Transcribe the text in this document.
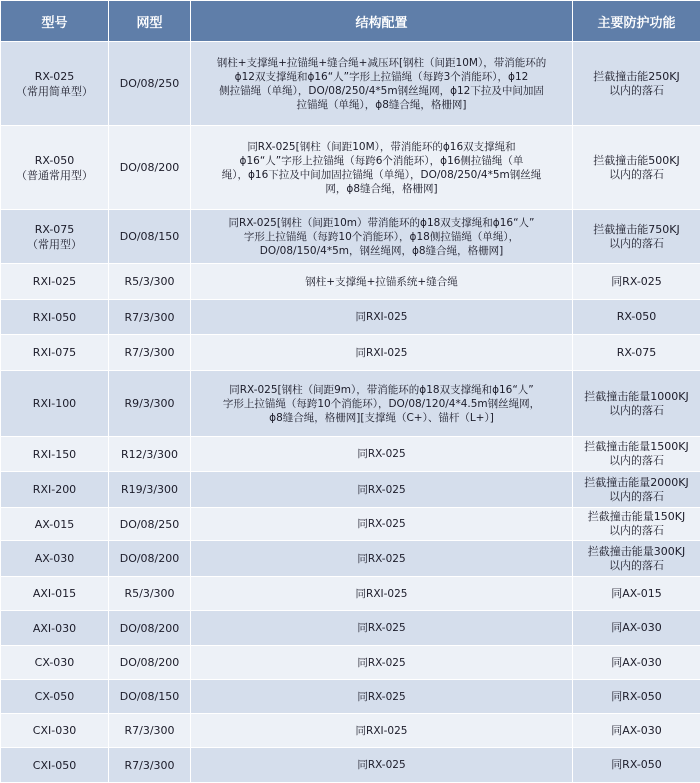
型号	网型	结构配置	主要防护功能

RX-025
（常用简单型）	DO/08/250	钢柱+支撑绳+拉锚绳+缝合绳+减压环[钢柱（间距10M），带消能环的
ɸ12双支撑绳和ɸ16“人”字形上拉锚绳（每跨3个消能环），ɸ12
侧拉锚绳（单绳），DO/08/250/4*5m钢丝绳网，ɸ12下拉及中间加固
拉锚绳（单绳），ɸ8缝合绳，格栅网]	拦截撞击能250KJ
以内的落石

RX-050
（普通常用型）	DO/08/200	同RX-025[钢柱（间距10M），带消能环的ɸ16双支撑绳和
ɸ16“人”字形上拉锚绳（每跨6个消能环），ɸ16侧拉锚绳（单
绳），ɸ16下拉及中间加固拉锚绳（单绳），DO/08/250/4*5m钢丝绳
网，ɸ8缝合绳，格栅网]	拦截撞击能500KJ
以内的落石

RX-075
（常用型）	DO/08/150	同RX-025[钢柱（间距10m）带消能环的ɸ18双支撑绳和ɸ16“人”
字形上拉锚绳（每跨10个消能环），ɸ18侧拉锚绳（单绳），
DO/08/150/4*5m，钢丝绳网，ɸ8缝合绳，格栅网]	拦截撞击能750KJ
以内的落石

RXI-025	R5/3/300	钢柱+支撑绳+拉锚系统+缝合绳	同RX-025

RXI-050	R7/3/300	同RXI-025	RX-050

RXI-075	R7/3/300	同RXI-025	RX-075

RXI-100	R9/3/300	同RX-025[钢柱（间距9m），带消能环的ɸ18双支撑绳和ɸ16“人”
字形上拉锚绳（每跨10个消能环），DO/08/120/4*4.5m钢丝绳网，
ɸ8缝合绳，格栅网][支撑绳（C+）、锚杆（L+）]	拦截撞击能量1000KJ
以内的落石

RXI-150	R12/3/300	同RX-025	拦截撞击能量1500KJ
以内的落石

RXI-200	R19/3/300	同RX-025	拦截撞击能量2000KJ
以内的落石

AX-015	DO/08/250	同RX-025	拦截撞击能量150KJ
以内的落石

AX-030	DO/08/200	同RX-025	拦截撞击能量300KJ
以内的落石

AXI-015	R5/3/300	同RXI-025	同AX-015

AXI-030	DO/08/200	同RX-025	同AX-030

CX-030	DO/08/200	同RX-025	同AX-030

CX-050	DO/08/150	同RX-025	同RX-050

CXI-030	R7/3/300	同RXI-025	同AX-030

CXI-050	R7/3/300	同RX-025	同RX-050
